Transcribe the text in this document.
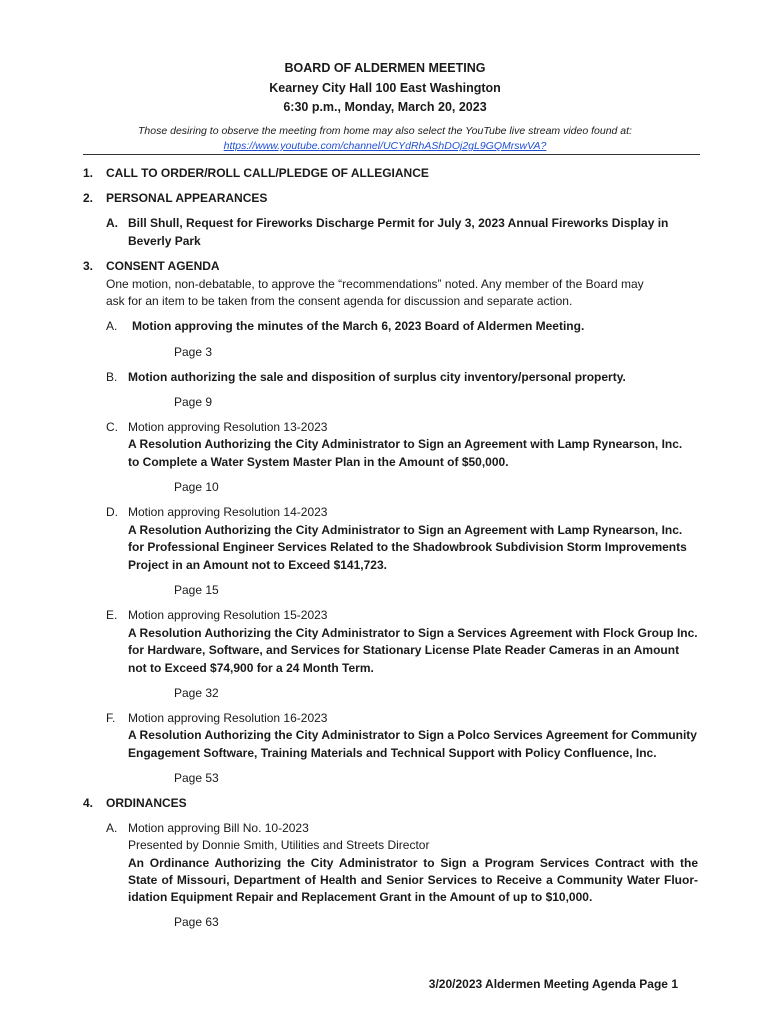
BOARD OF ALDERMEN MEETING
Kearney City Hall 100 East Washington
6:30 p.m., Monday, March 20, 2023
Those desiring to observe the meeting from home may also select the YouTube live stream video found at:
https://www.youtube.com/channel/UCYdRhAShDOj2gL9GQMrswVA?
1. CALL TO ORDER/ROLL CALL/PLEDGE OF ALLEGIANCE
2. PERSONAL APPEARANCES
A. Bill Shull, Request for Fireworks Discharge Permit for July 3, 2023 Annual Fireworks Display in
Beverly Park
3. CONSENT AGENDA
One motion, non-debatable, to approve the “recommendations” noted. Any member of the Board may
ask for an item to be taken from the consent agenda for discussion and separate action.
A. Motion approving the minutes of the March 6, 2023 Board of Aldermen Meeting.
Page 3
B. Motion authorizing the sale and disposition of surplus city inventory/personal property.
Page 9
C. Motion approving Resolution 13-2023
A Resolution Authorizing the City Administrator to Sign an Agreement with Lamp Rynearson, Inc.
to Complete a Water System Master Plan in the Amount of $50,000.
Page 10
D. Motion approving Resolution 14-2023
A Resolution Authorizing the City Administrator to Sign an Agreement with Lamp Rynearson, Inc.
for Professional Engineer Services Related to the Shadowbrook Subdivision Storm Improvements
Project in an Amount not to Exceed $141,723.
Page 15
E. Motion approving Resolution 15-2023
A Resolution Authorizing the City Administrator to Sign a Services Agreement with Flock Group Inc.
for Hardware, Software, and Services for Stationary License Plate Reader Cameras in an Amount
not to Exceed $74,900 for a 24 Month Term.
Page 32
F. Motion approving Resolution 16-2023
A Resolution Authorizing the City Administrator to Sign a Polco Services Agreement for Community
Engagement Software, Training Materials and Technical Support with Policy Confluence, Inc.
Page 53
4. ORDINANCES
A. Motion approving Bill No. 10-2023
Presented by Donnie Smith, Utilities and Streets Director
An Ordinance Authorizing the City Administrator to Sign a Program Services Contract with the
State of Missouri, Department of Health and Senior Services to Receive a Community Water Fluor-
idation Equipment Repair and Replacement Grant in the Amount of up to $10,000.
Page 63
3/20/2023 Aldermen Meeting Agenda Page 1
